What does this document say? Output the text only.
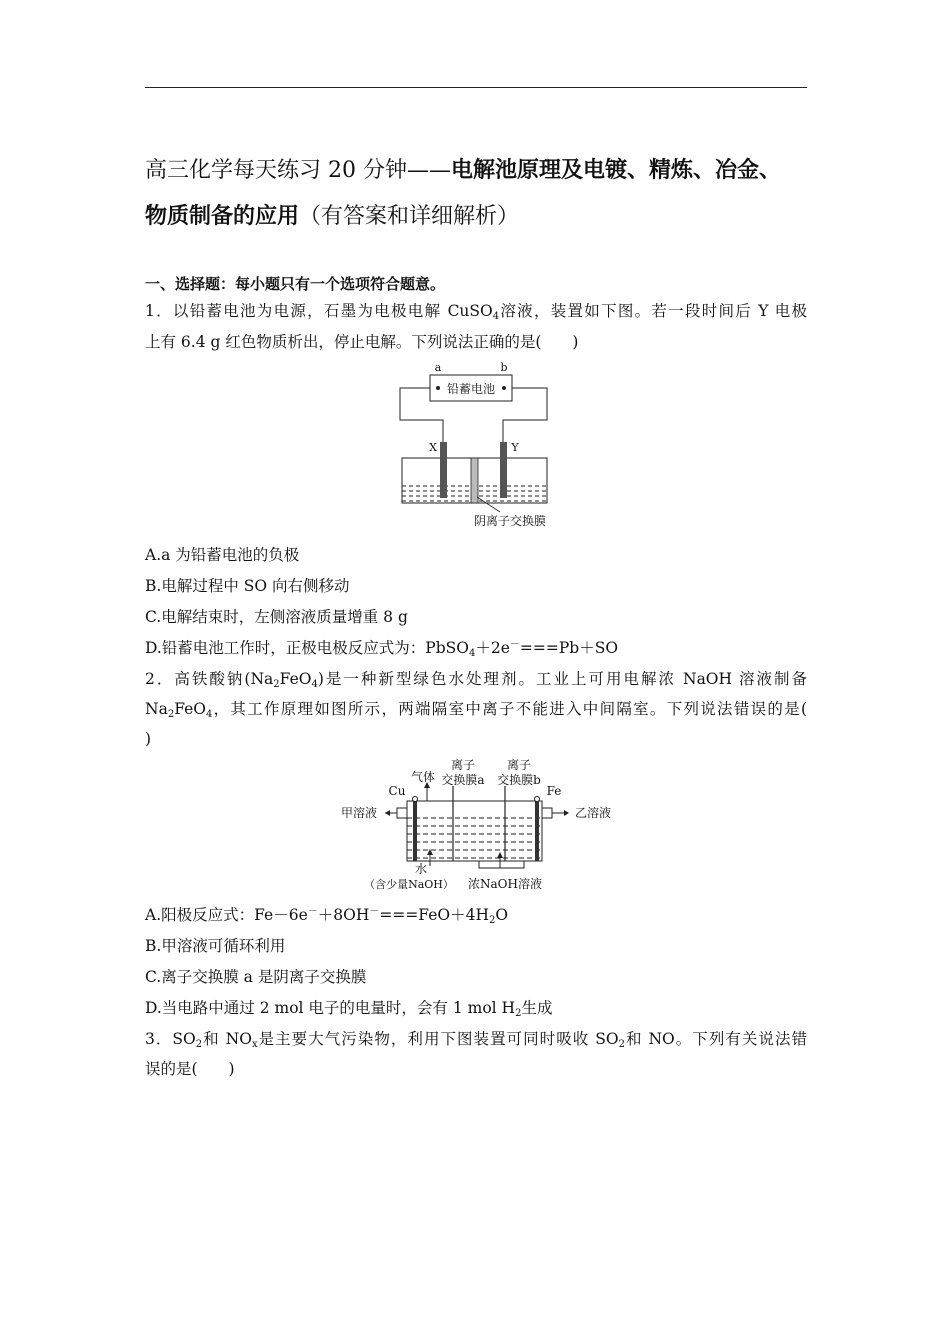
高三化学每天练习 20 分钟——电解池原理及电镀、精炼、冶金、
物质制备的应用（有答案和详细解析）
一、选择题：每小题只有一个选项符合题意。
1．以铅蓄电池为电源，石墨为电极电解 CuSO$_4$溶液，装置如下图。若一段时间后 Y 电极
上有 6.4 g 红色物质析出，停止电解。下列说法正确的是(　　)
铅蓄电池
a	b
X	Y
阴离子交换膜
A.a 为铅蓄电池的负极
B.电解过程中 SO 向右侧移动
C.电解结束时，左侧溶液质量增重 8 g
D.铅蓄电池工作时，正极电极反应式为：PbSO$_4$＋2e－===Pb＋SO
2．高铁酸钠$(Na_2FeO_4)$是一种新型绿色水处理剂。工业上可用电解浓 NaOH 溶液制备
$Na_2FeO_4$，其工作原理如图所示，两端隔室中离子不能进入中间隔室。下列说法错误的是(
)
气体
离子
交换膜a
离子
交换膜b
Cu	Fe
甲溶液	乙溶液
水
（含少量NaOH） 浓NaOH溶液
A.阳极反应式：$Fe-6e^-+8OH^-===FeO+4H_2O$
B.甲溶液可循环利用
C.离子交换膜 a 是阴离子交换膜
D.当电路中通过 2 mol 电子的电量时，会有 1 mol $H_2$生成
3．$SO_2$和 $NO_x$是主要大气污染物，利用下图装置可同时吸收 $SO_2$和 NO。下列有关说法错
误的是(　　)
